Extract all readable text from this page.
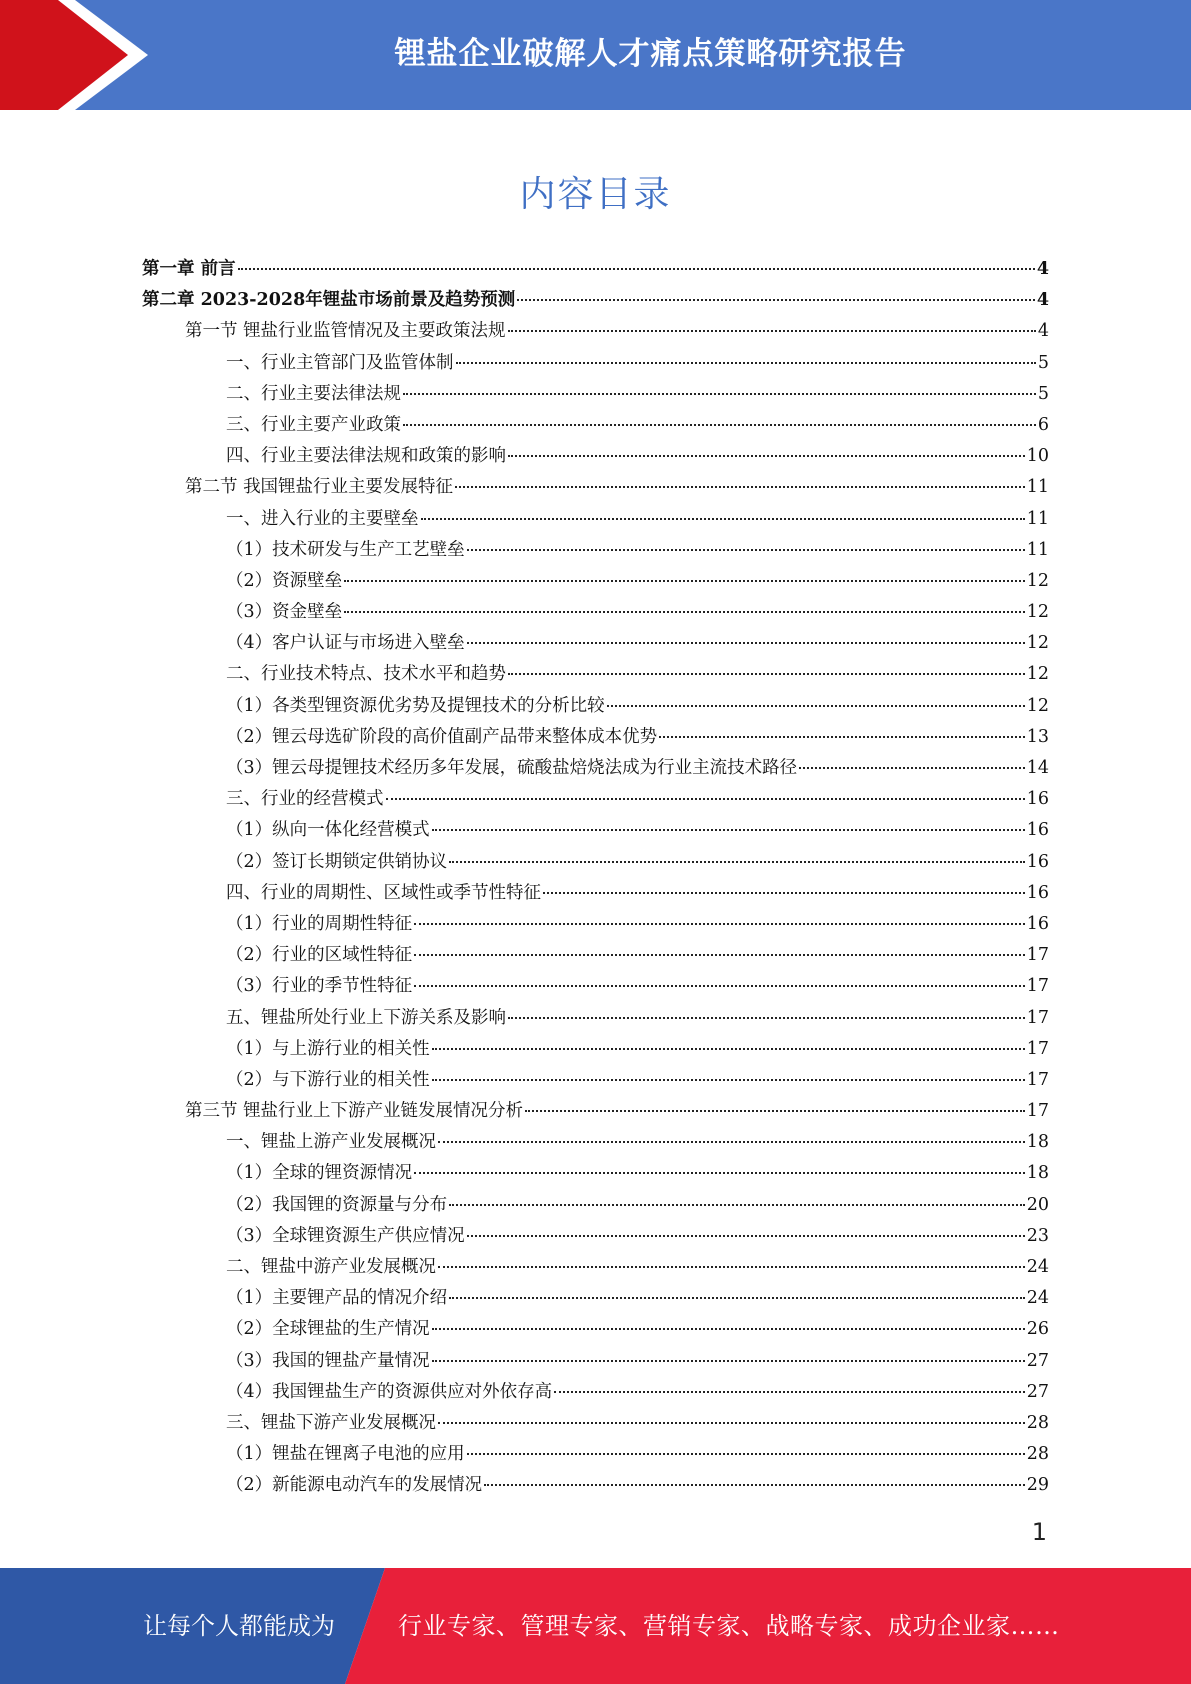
锂盐企业破解人才痛点策略研究报告
内容目录
第一章 前言	4
第二章 2023-2028年锂盐市场前景及趋势预测	4
第一节 锂盐行业监管情况及主要政策法规	4
一、行业主管部门及监管体制	5
二、行业主要法律法规	5
三、行业主要产业政策	6
四、行业主要法律法规和政策的影响	10
第二节 我国锂盐行业主要发展特征	11
一、进入行业的主要壁垒	11
（1）技术研发与生产工艺壁垒	11
（2）资源壁垒	12
（3）资金壁垒	12
（4）客户认证与市场进入壁垒	12
二、行业技术特点、技术水平和趋势	12
（1）各类型锂资源优劣势及提锂技术的分析比较	12
（2）锂云母选矿阶段的高价值副产品带来整体成本优势	13
（3）锂云母提锂技术经历多年发展，硫酸盐焙烧法成为行业主流技术路径	14
三、行业的经营模式	16
（1）纵向一体化经营模式	16
（2）签订长期锁定供销协议	16
四、行业的周期性、区域性或季节性特征	16
（1）行业的周期性特征	16
（2）行业的区域性特征	17
（3）行业的季节性特征	17
五、锂盐所处行业上下游关系及影响	17
（1）与上游行业的相关性	17
（2）与下游行业的相关性	17
第三节 锂盐行业上下游产业链发展情况分析	17
一、锂盐上游产业发展概况	18
（1）全球的锂资源情况	18
（2）我国锂的资源量与分布	20
（3）全球锂资源生产供应情况	23
二、锂盐中游产业发展概况	24
（1）主要锂产品的情况介绍	24
（2）全球锂盐的生产情况	26
（3）我国的锂盐产量情况	27
（4）我国锂盐生产的资源供应对外依存高	27
三、锂盐下游产业发展概况	28
（1）锂盐在锂离子电池的应用	28
（2）新能源电动汽车的发展情况	29
1
让每个人都能成为	行业专家、管理专家、营销专家、战略专家、成功企业家……
